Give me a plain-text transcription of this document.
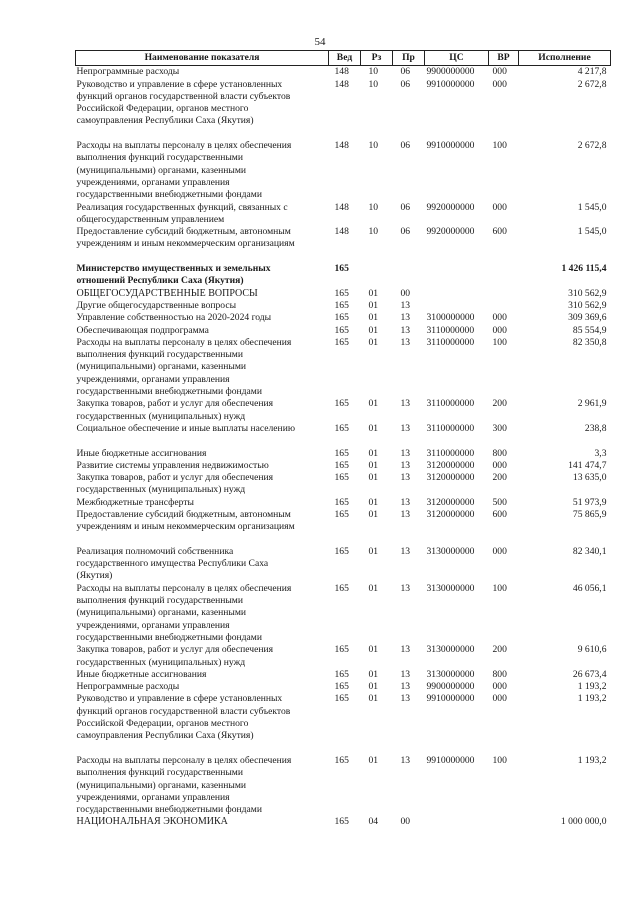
54
Наименование показателя	Вед	Рз	Пр	ЦС	ВР	Исполнение

Непрограммные расходы	148	10	06	9900000000	000	4 217,8

Руководство и управление в сфере установленных
функций органов государственной власти субъектов
Российской Федерации, органов местного
самоуправления Республики Саха (Якутия)	148	10	06	9910000000	000	2 672,8

Расходы на выплаты персоналу в целях обеспечения
выполнения функций государственными
(муниципальными) органами, казенными
учреждениями, органами управления
государственными внебюджетными фондами	148	10	06	9910000000	100	2 672,8

Реализация государственных функций, связанных с
общегосударственным управлением	148	10	06	9920000000	000	1 545,0

Предоставление субсидий бюджетным, автономным
учреждениям и иным некоммерческим организациям	148	10	06	9920000000	600	1 545,0

Министерство имущественных и земельных
отношений Республики Саха (Якутия)	165					1 426 115,4

ОБЩЕГОСУДАРСТВЕННЫЕ ВОПРОСЫ	165	01	00			310 562,9

Другие общегосударственные вопросы	165	01	13			310 562,9

Управление собственностью на 2020-2024 годы	165	01	13	3100000000	000	309 369,6

Обеспечивающая подпрограмма	165	01	13	3110000000	000	85 554,9

Расходы на выплаты персоналу в целях обеспечения
выполнения функций государственными
(муниципальными) органами, казенными
учреждениями, органами управления
государственными внебюджетными фондами	165	01	13	3110000000	100	82 350,8

Закупка товаров, работ и услуг для обеспечения
государственных (муниципальных) нужд	165	01	13	3110000000	200	2 961,9

Социальное обеспечение и иные выплаты населению	165	01	13	3110000000	300	238,8

Иные бюджетные ассигнования	165	01	13	3110000000	800	3,3

Развитие системы управления недвижимостью	165	01	13	3120000000	000	141 474,7

Закупка товаров, работ и услуг для обеспечения
государственных (муниципальных) нужд	165	01	13	3120000000	200	13 635,0

Межбюджетные трансферты	165	01	13	3120000000	500	51 973,9

Предоставление субсидий бюджетным, автономным
учреждениям и иным некоммерческим организациям	165	01	13	3120000000	600	75 865,9

Реализация полномочий собственника
государственного имущества Республики Саха
(Якутия)	165	01	13	3130000000	000	82 340,1

Расходы на выплаты персоналу в целях обеспечения
выполнения функций государственными
(муниципальными) органами, казенными
учреждениями, органами управления
государственными внебюджетными фондами	165	01	13	3130000000	100	46 056,1

Закупка товаров, работ и услуг для обеспечения
государственных (муниципальных) нужд	165	01	13	3130000000	200	9 610,6

Иные бюджетные ассигнования	165	01	13	3130000000	800	26 673,4

Непрограммные расходы	165	01	13	9900000000	000	1 193,2

Руководство и управление в сфере установленных
функций органов государственной власти субъектов
Российской Федерации, органов местного
самоуправления Республики Саха (Якутия)	165	01	13	9910000000	000	1 193,2

Расходы на выплаты персоналу в целях обеспечения
выполнения функций государственными
(муниципальными) органами, казенными
учреждениями, органами управления
государственными внебюджетными фондами	165	01	13	9910000000	100	1 193,2

НАЦИОНАЛЬНАЯ ЭКОНОМИКА	165	04	00			1 000 000,0
